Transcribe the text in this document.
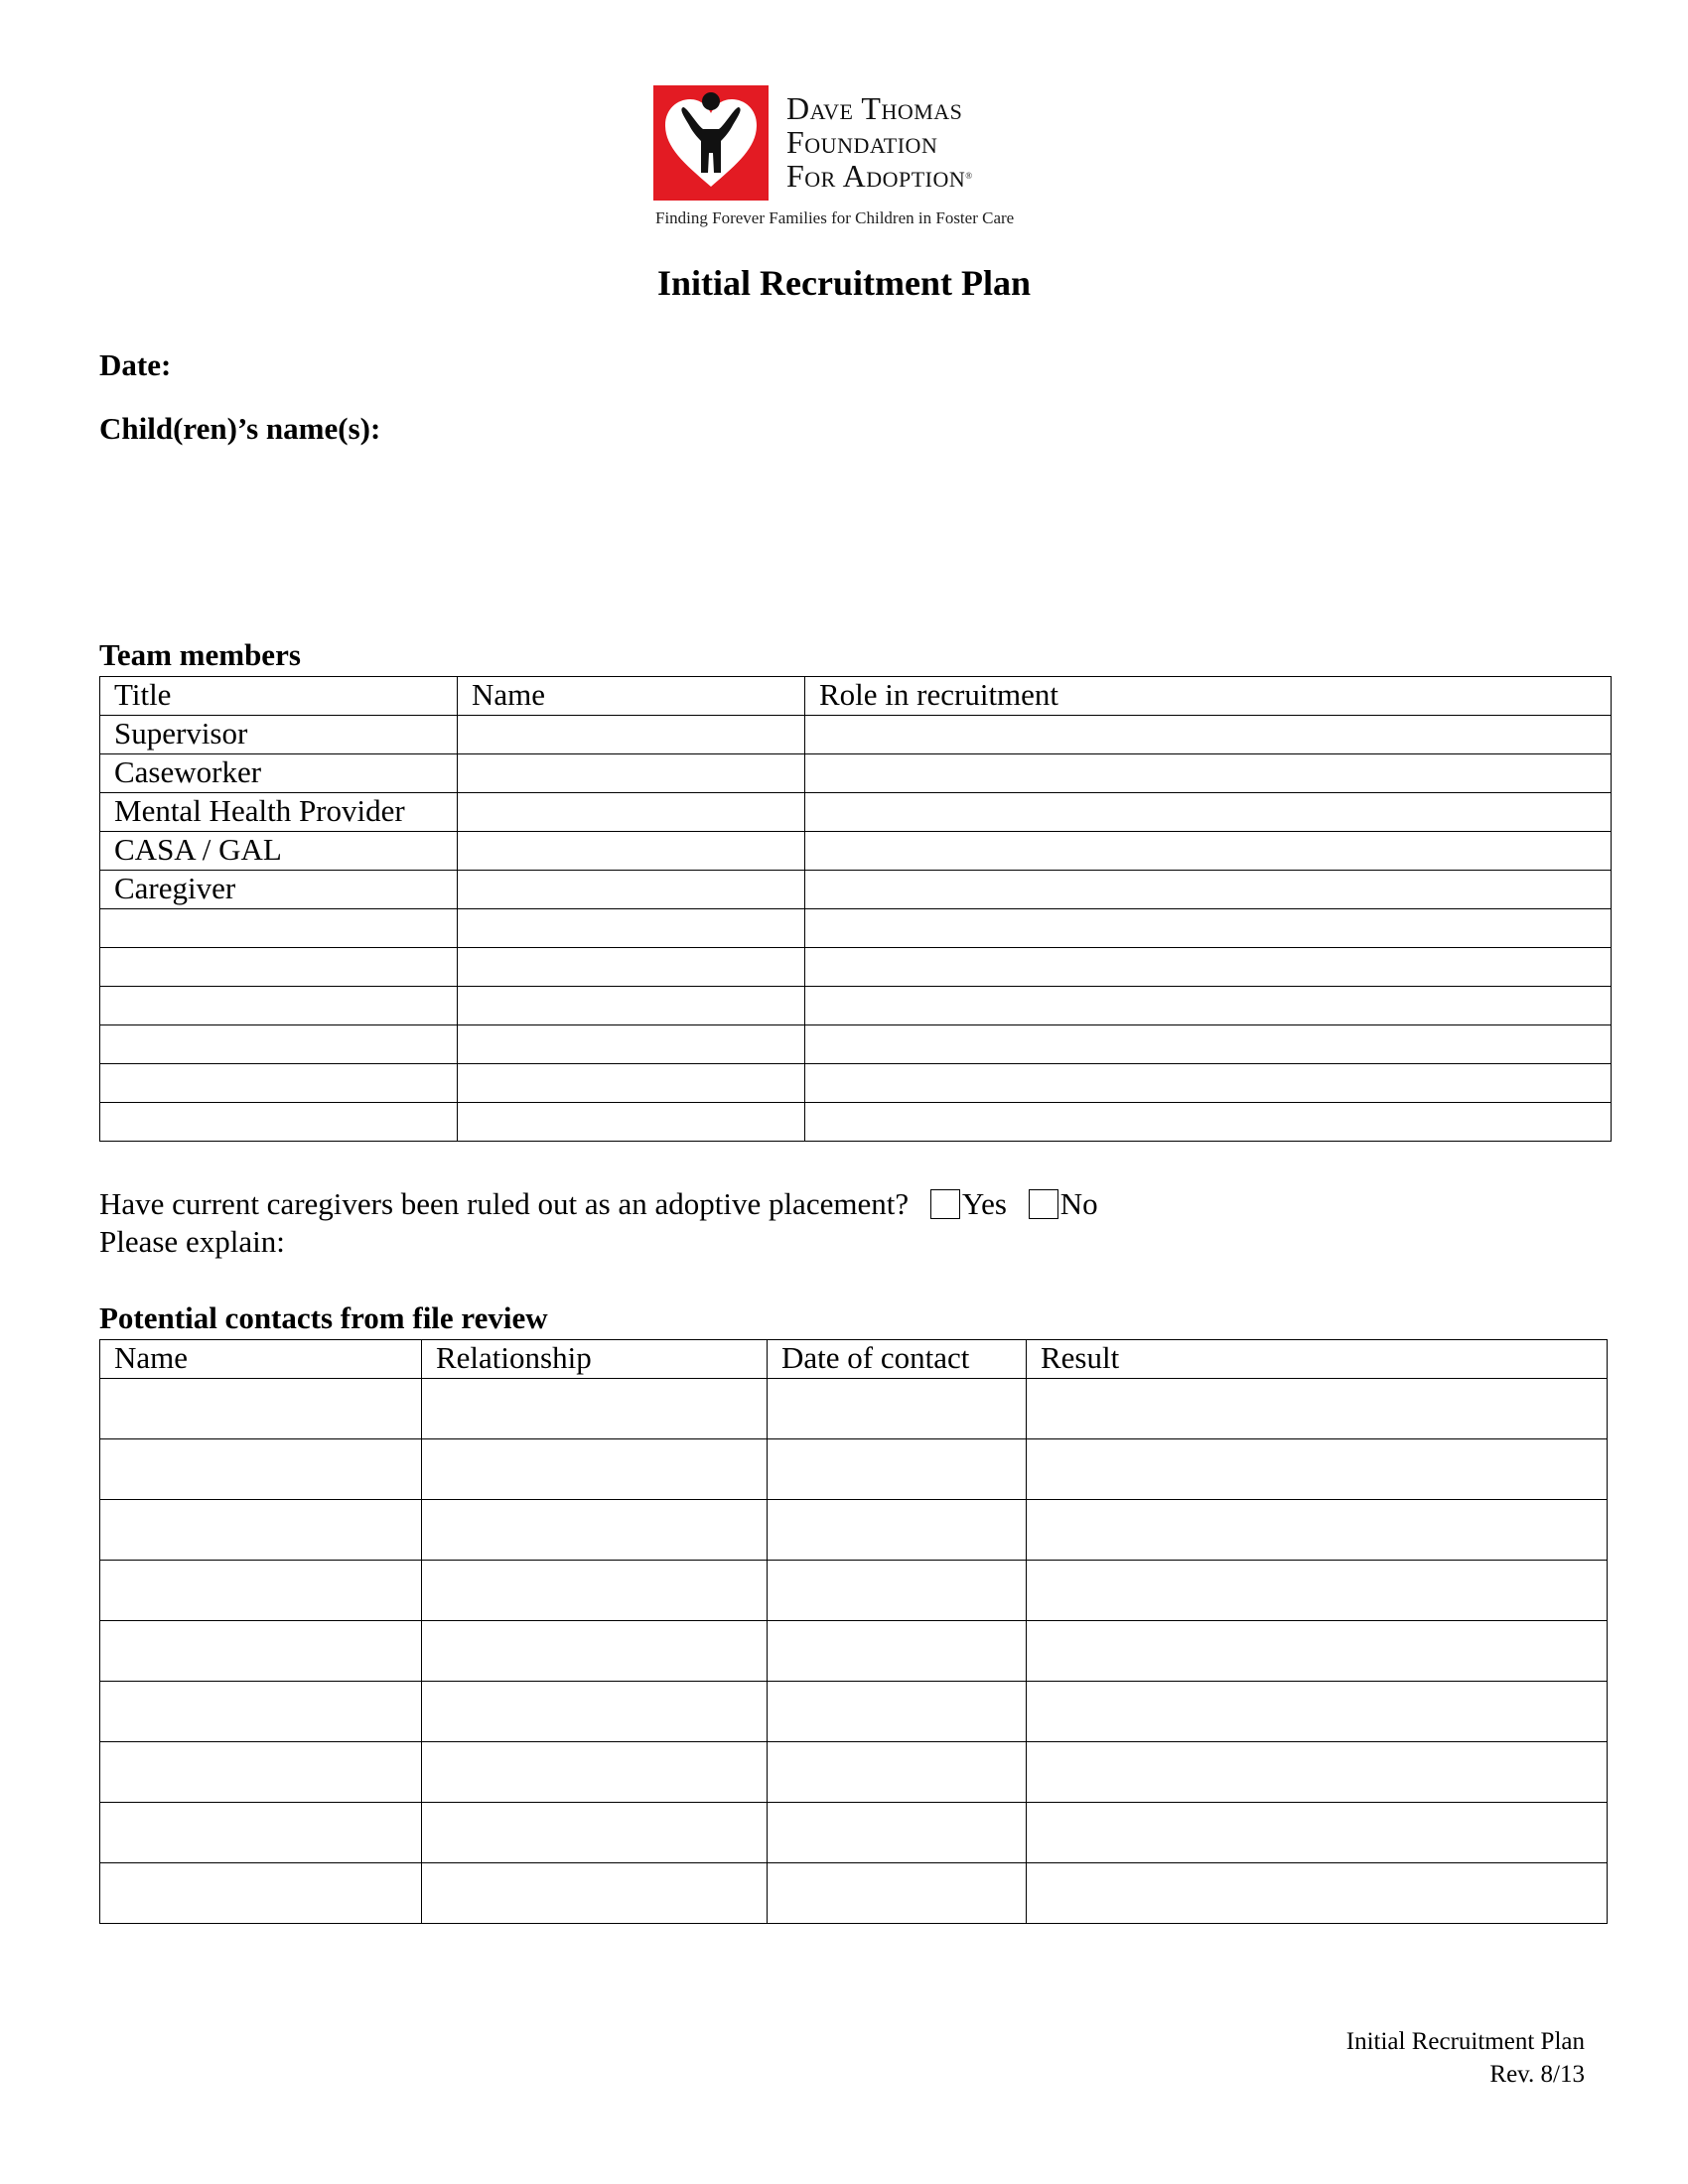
Dave Thomas
Foundation
For Adoption®
Finding Forever Families for Children in Foster Care
Initial Recruitment Plan
Date:
Child(ren)’s name(s):
Team members
Title	Name	Role in recruitment
Supervisor		
Caseworker		
Mental Health Provider		
CASA / GAL		
Caregiver		

Have current caregivers been ruled out as an adoptive placement? Yes No
Please explain:
Potential contacts from file review
Name	Relationship	Date of contact	Result

Initial Recruitment Plan
Rev. 8/13
